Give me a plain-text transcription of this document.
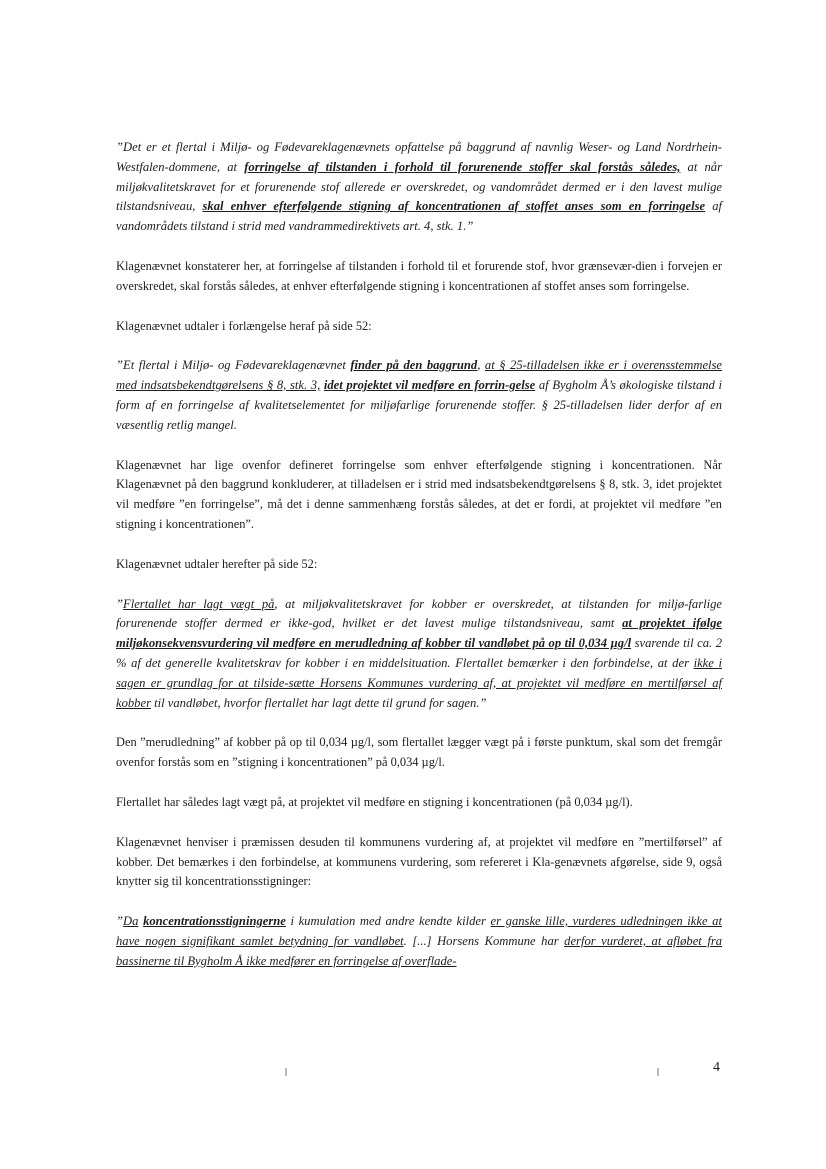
”Det er et flertal i Miljø- og Fødevareklagenævnets opfattelse på baggrund af navnlig Weser- og Land Nordrhein-Westfalen-dommene, at forringelse af tilstanden i forhold til forurenende stoffer skal forstås således, at når miljøkvalitetskravet for et forurenende stof allerede er overskredet, og vandområdet dermed er i den lavest mulige tilstandsniveau, skal enhver efterfølgende stigning af koncentrationen af stoffet anses som en forringelse af vandområdets tilstand i strid med vandrammedirektivets art. 4, stk. 1.”

Klagenævnet konstaterer her, at forringelse af tilstanden i forhold til et forurende stof, hvor grænsevær-dien i forvejen er overskredet, skal forstås således, at enhver efterfølgende stigning i koncentrationen af stoffet anses som forringelse.

Klagenævnet udtaler i forlængelse heraf på side 52:

”Et flertal i Miljø- og Fødevareklagenævnet finder på den baggrund, at § 25-tilladelsen ikke er i overensstemmelse med indsatsbekendtgørelsens § 8, stk. 3, idet projektet vil medføre en forrin-gelse af Bygholm Å’s økologiske tilstand i form af en forringelse af kvalitetselementet for miljøfarlige forurenende stoffer. § 25-tilladelsen lider derfor af en væsentlig retlig mangel.

Klagenævnet har lige ovenfor defineret forringelse som enhver efterfølgende stigning i koncentrationen. Når Klagenævnet på den baggrund konkluderer, at tilladelsen er i strid med indsatsbekendtgørelsens § 8, stk. 3, idet projektet vil medføre ”en forringelse”, må det i denne sammenhæng forstås således, at det er fordi, at projektet vil medføre ”en stigning i koncentrationen”.

Klagenævnet udtaler herefter på side 52:

”Flertallet har lagt vægt på, at miljøkvalitetskravet for kobber er overskredet, at tilstanden for miljø-farlige forurenende stoffer dermed er ikke-god, hvilket er det lavest mulige tilstandsniveau, samt at projektet ifølge miljøkonsekvensvurdering vil medføre en merudledning af kobber til vandløbet på op til 0,034 µg/l svarende til ca. 2 % af det generelle kvalitetskrav for kobber i en middelsituation. Flertallet bemærker i den forbindelse, at der ikke i sagen er grundlag for at tilside-sætte Horsens Kommunes vurdering af, at projektet vil medføre en mertilførsel af kobber til vandløbet, hvorfor flertallet har lagt dette til grund for sagen.”

Den ”merudledning” af kobber på op til 0,034 µg/l, som flertallet lægger vægt på i første punktum, skal som det fremgår ovenfor forstås som en ”stigning i koncentrationen” på 0,034 µg/l.

Flertallet har således lagt vægt på, at projektet vil medføre en stigning i koncentrationen (på 0,034 µg/l).

Klagenævnet henviser i præmissen desuden til kommunens vurdering af, at projektet vil medføre en ”mertilførsel” af kobber. Det bemærkes i den forbindelse, at kommunens vurdering, som refereret i Kla-genævnets afgørelse, side 9, også knytter sig til koncentrationsstigninger:

”Da koncentrationsstigningerne i kumulation med andre kendte kilder er ganske lille, vurderes udledningen ikke at have nogen signifikant samlet betydning for vandløbet. [...] Horsens Kommune har derfor vurderet, at afløbet fra bassinerne til Bygholm Å ikke medfører en forringelse af overflade-

4
